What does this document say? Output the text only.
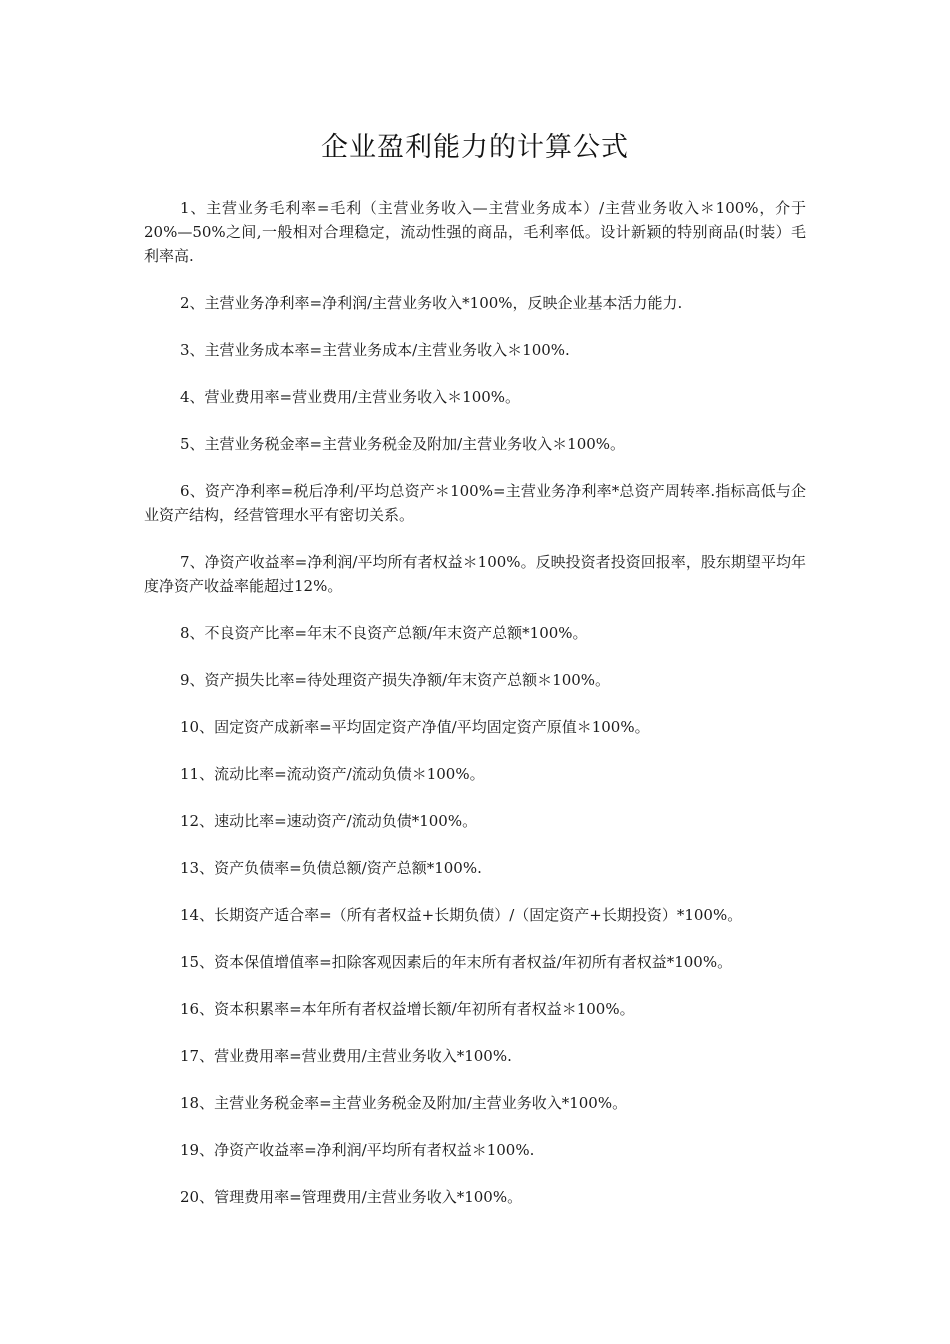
企业盈利能力的计算公式

1、主营业务毛利率=毛利（主营业务收入—主营业务成本）/主营业务收入＊100%，介于20%—50%之间,一般相对合理稳定，流动性强的商品，毛利率低。设计新颖的特别商品(时装）毛利率高.

2、主营业务净利率=净利润/主营业务收入*100%，反映企业基本活力能力.

3、主营业务成本率=主营业务成本/主营业务收入＊100%.

4、营业费用率=营业费用/主营业务收入＊100%。

5、主营业务税金率=主营业务税金及附加/主营业务收入＊100%。

6、资产净利率=税后净利/平均总资产＊100%=主营业务净利率*总资产周转率.指标高低与企业资产结构，经营管理水平有密切关系。

7、净资产收益率=净利润/平均所有者权益＊100%。反映投资者投资回报率，股东期望平均年度净资产收益率能超过12%。

8、不良资产比率=年末不良资产总额/年末资产总额*100%。

9、资产损失比率=待处理资产损失净额/年末资产总额＊100%。

10、固定资产成新率=平均固定资产净值/平均固定资产原值＊100%。

11、流动比率=流动资产/流动负债＊100%。

12、速动比率=速动资产/流动负债*100%。

13、资产负债率=负债总额/资产总额*100%.

14、长期资产适合率=（所有者权益+长期负债）/（固定资产+长期投资）*100%。

15、资本保值增值率=扣除客观因素后的年末所有者权益/年初所有者权益*100%。

16、资本积累率=本年所有者权益增长额/年初所有者权益＊100%。

17、营业费用率=营业费用/主营业务收入*100%.

18、主营业务税金率=主营业务税金及附加/主营业务收入*100%。

19、净资产收益率=净利润/平均所有者权益＊100%.

20、管理费用率=管理费用/主营业务收入*100%。
